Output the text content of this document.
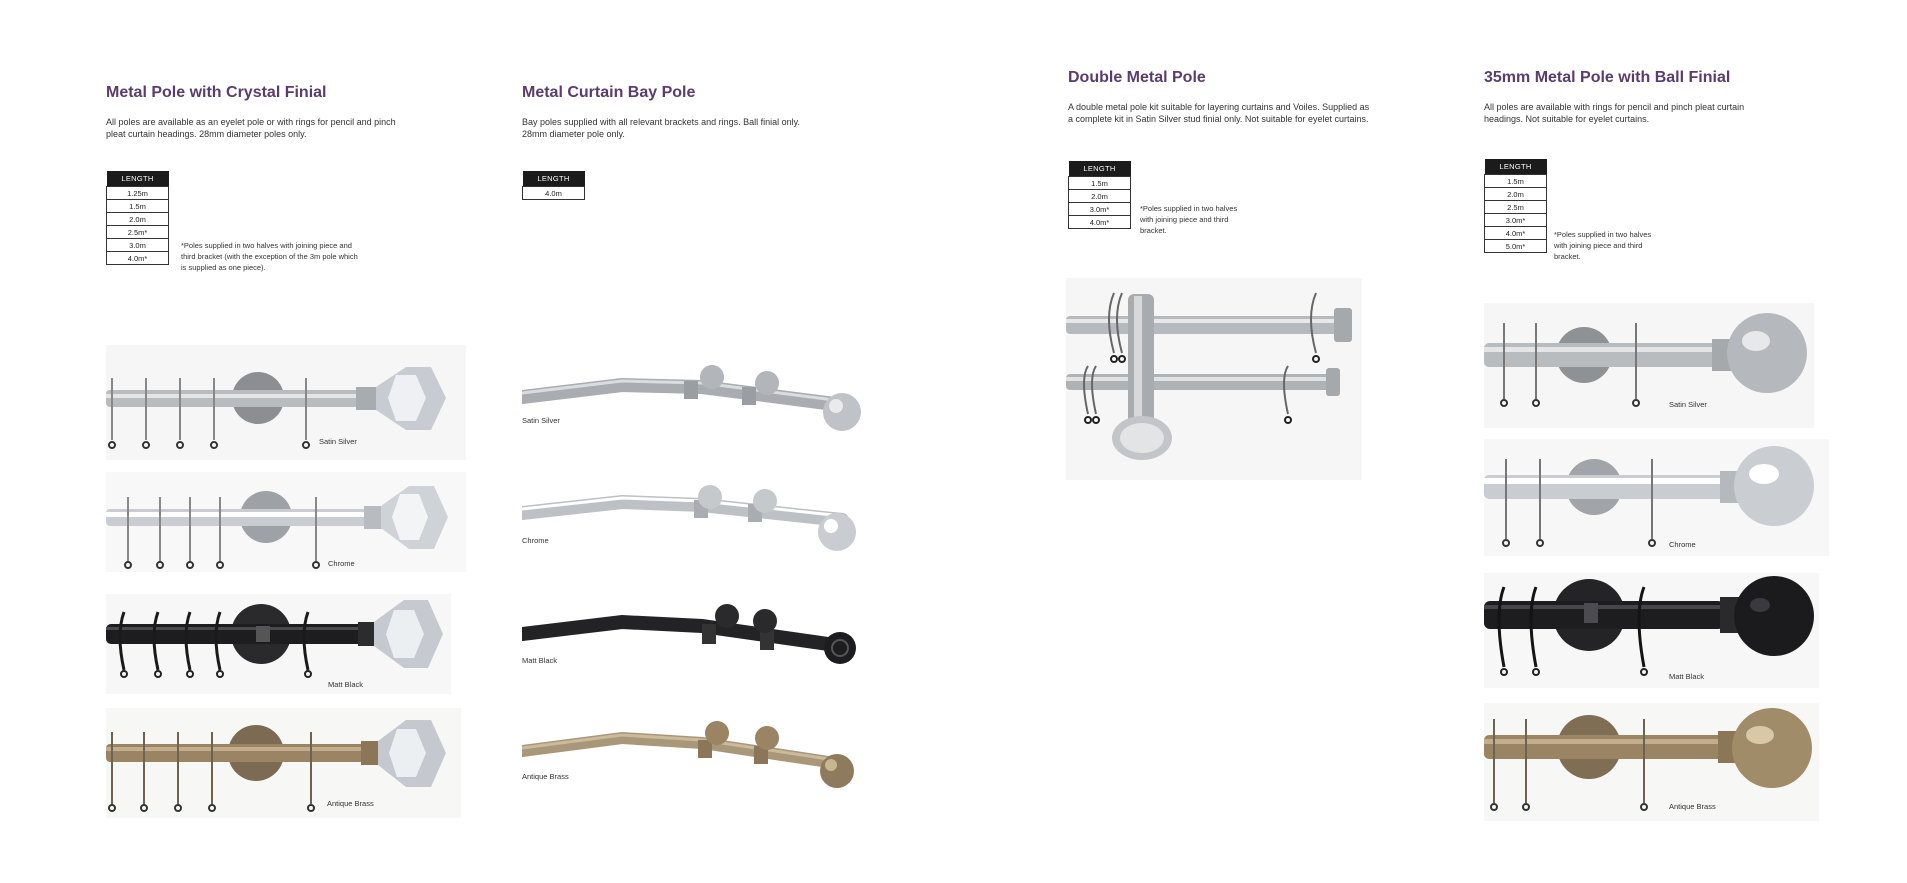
Metal Pole with Crystal Finial
All poles are available as an eyelet pole or with rings for pencil and pinch pleat curtain headings. 28mm diameter poles only.
LENGTH
1.25m
1.5m
2.0m
2.5m*
3.0m
4.0m*
*Poles supplied in two halves with joining piece and third bracket (with the exception of the 3m pole which is supplied as one piece).
Satin Silver
Chrome
Matt Black
Antique Brass
Metal Curtain Bay Pole
Bay poles supplied with all relevant brackets and rings. Ball finial only. 28mm diameter pole only.
LENGTH
4.0m
Satin Silver
Chrome
Matt Black
Antique Brass
Double Metal Pole
A double metal pole kit suitable for layering curtains and Voiles. Supplied as a complete kit in Satin Silver stud finial only. Not suitable for eyelet curtains.
LENGTH
1.5m
2.0m
3.0m*
4.0m*
*Poles supplied in two halves with joining piece and third bracket.
35mm Metal Pole with Ball Finial
All poles are available with rings for pencil and pinch pleat curtain headings. Not suitable for eyelet curtains.
LENGTH
1.5m
2.0m
2.5m
3.0m*
4.0m*
5.0m*
*Poles supplied in two halves with joining piece and third bracket.
Satin Silver
Chrome
Matt Black
Antique Brass
